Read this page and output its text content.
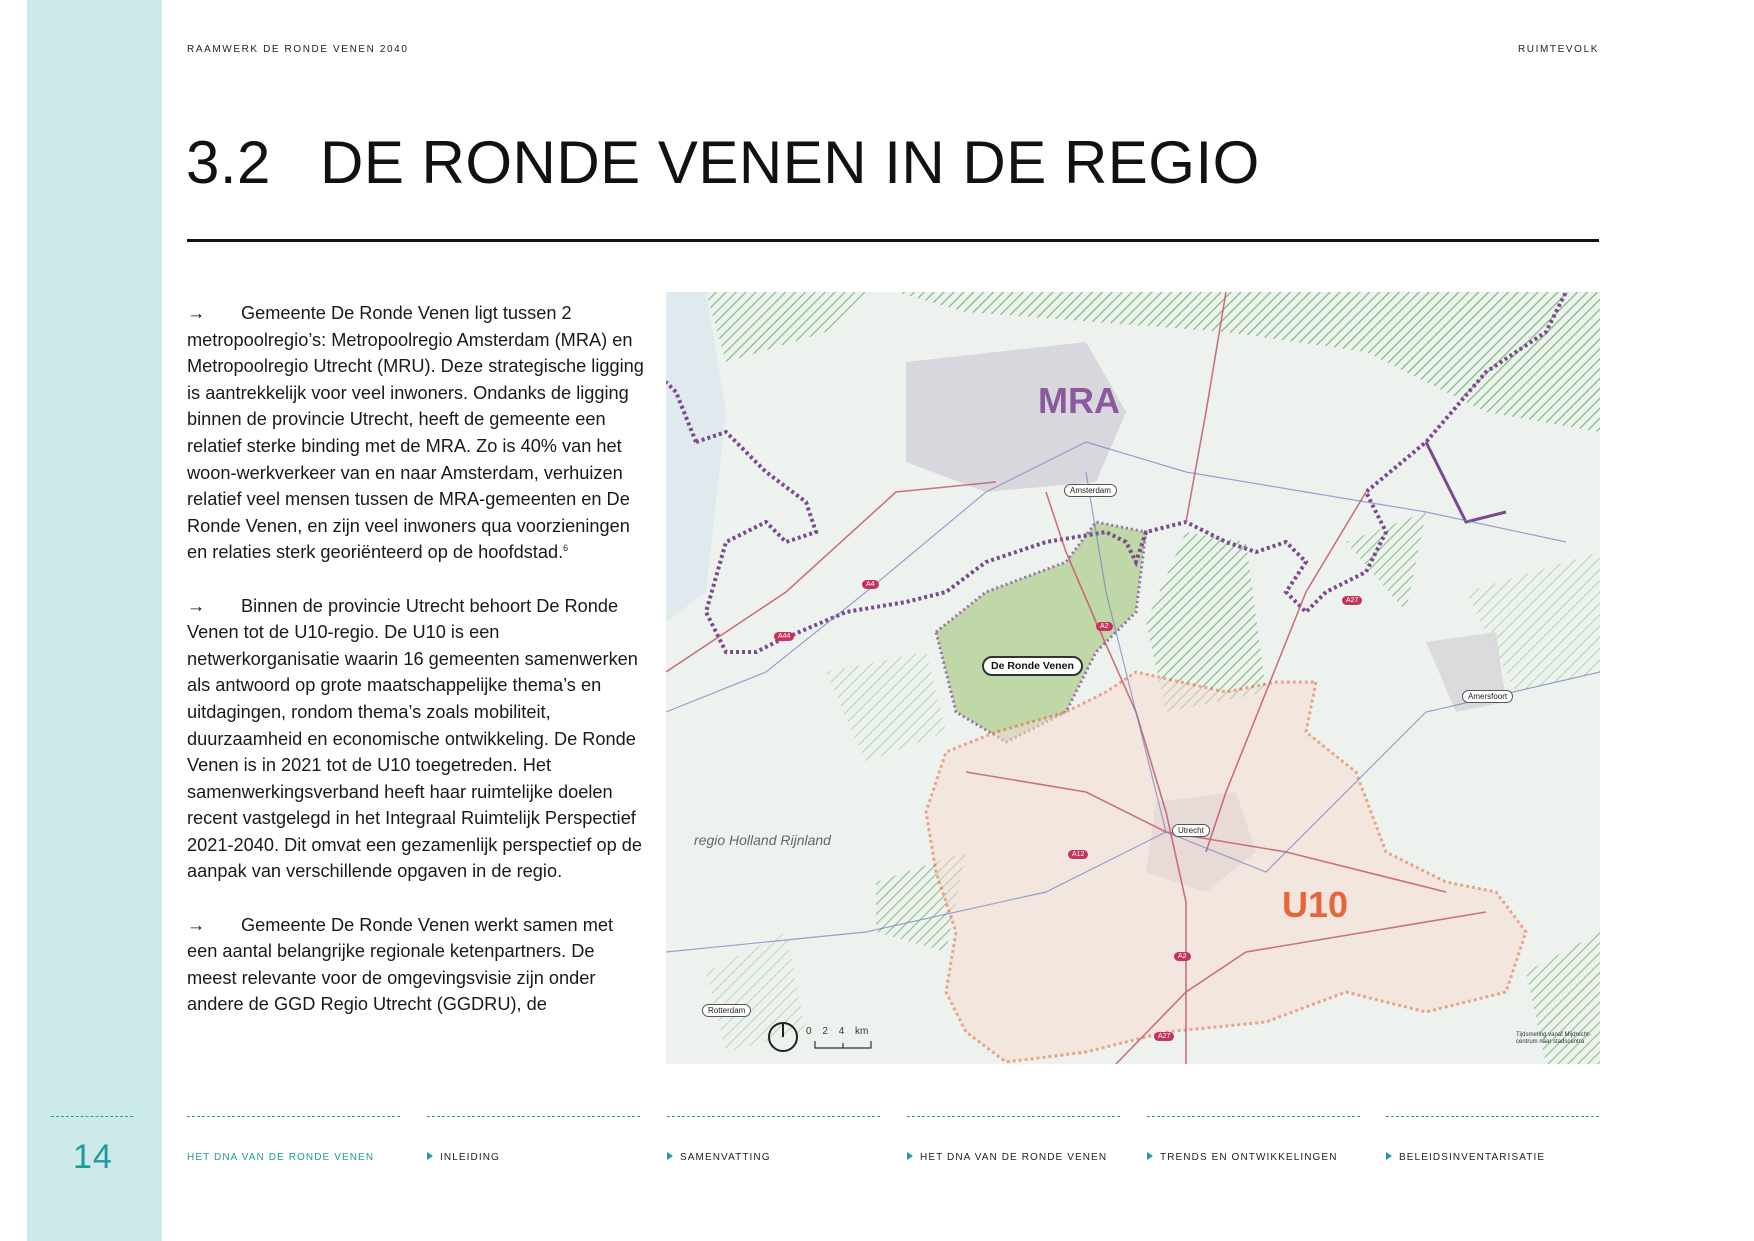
14
RAAMWERK DE RONDE VENEN 2040	RUIMTEVOLK
3.2 DE RONDE VENEN IN DE REGIO

→ Gemeente De Ronde Venen ligt tussen 2 metropoolregio’s: Metropoolregio Amsterdam (MRA) en Metropoolregio Utrecht (MRU). Deze strategische ligging is aantrekkelijk voor veel inwoners. Ondanks de ligging binnen de provincie Utrecht, heeft de gemeente een relatief sterke binding met de MRA. Zo is 40% van het woon-werkverkeer van en naar Amsterdam, verhuizen relatief veel mensen tussen de MRA-gemeenten en De Ronde Venen, en zijn veel inwoners qua voorzieningen en relaties sterk georiënteerd op de hoofdstad.$^6$

→ Binnen de provincie Utrecht behoort De Ronde Venen tot de U10-regio. De U10 is een netwerkorganisatie waarin 16 gemeenten samenwerken als antwoord op grote maatschappelijke thema’s en uitdagingen, rondom thema’s zoals mobiliteit, duurzaamheid en economische ontwikkeling. De Ronde Venen is in 2021 tot de U10 toegetreden. Het samenwerkingsverband heeft haar ruimtelijke doelen recent vastgelegd in het Integraal Ruimtelijk Perspectief 2021-2040. Dit omvat een gezamenlijk perspectief op de aanpak van verschillende opgaven in de regio.

→ Gemeente De Ronde Venen werkt samen met een aantal belangrijke regionale ketenpartners. De meest relevante voor de omgevingsvisie zijn onder andere de GGD Regio Utrecht (GGDRU), de

MRA
U10
regio Holland Rijnland
De Ronde Venen
Amsterdam
Amersfoort
Utrecht
Rotterdam
A4
A44
A2
A27
A12
A2
A27
0 2 4 km	Tijdsmeting vanaf Mijdrecht-centrum naar stadscentra
HET DNA VAN DE RONDE VENEN	INLEIDING	SAMENVATTING	HET DNA VAN DE RONDE VENEN	TRENDS EN ONTWIKKELINGEN	BELEIDSINVENTARISATIE
